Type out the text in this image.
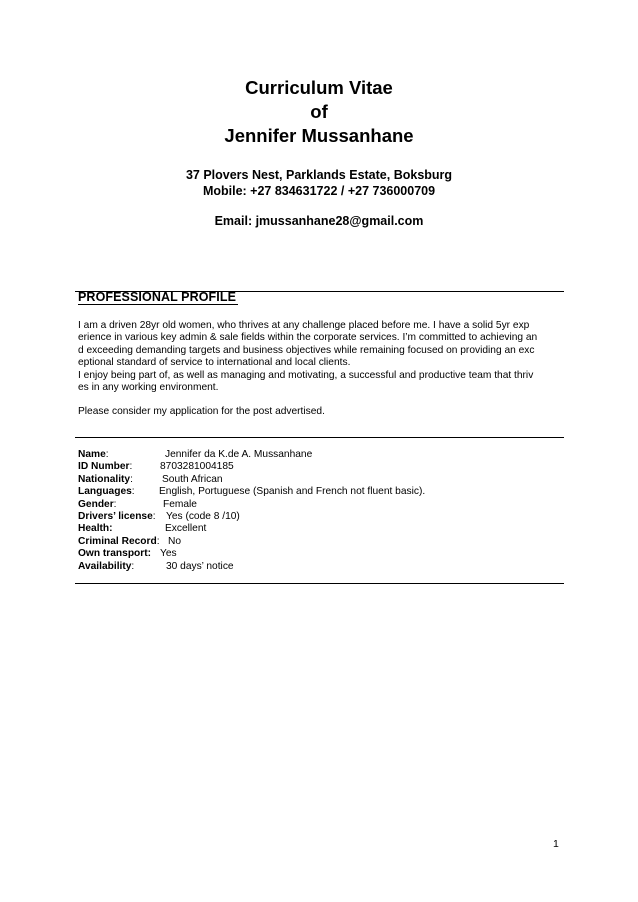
Curriculum Vitae
of
Jennifer Mussanhane
37 Plovers Nest, Parklands Estate, Boksburg
Mobile: +27 834631722 / +27 736000709
Email: jmussanhane28@gmail.com
PROFESSIONAL PROFILE

I am a driven 28yr old women, who thrives at any challenge placed before me. I have a solid 5yr exp

erience in various key admin & sale fields within the corporate services. I’m committed to achieving an

d exceeding demanding targets and business objectives while remaining focused on providing an exc

eptional standard of service to international and local clients.

I enjoy being part of, as well as managing and motivating, a successful and productive team that thriv

es in any working environment.

Please consider my application for the post advertised.

Name:	Jennifer da K.de A. Mussanhane
ID Number:	8703281004185
Nationality:	South African
Languages: English, Portuguese (Spanish and French not fluent basic).
Gender:	Female
Drivers’ license: Yes (code 8 /10)
Health:	Excellent
Criminal Record: No
Own transport: Yes
Availability:	30 days’ notice
1
